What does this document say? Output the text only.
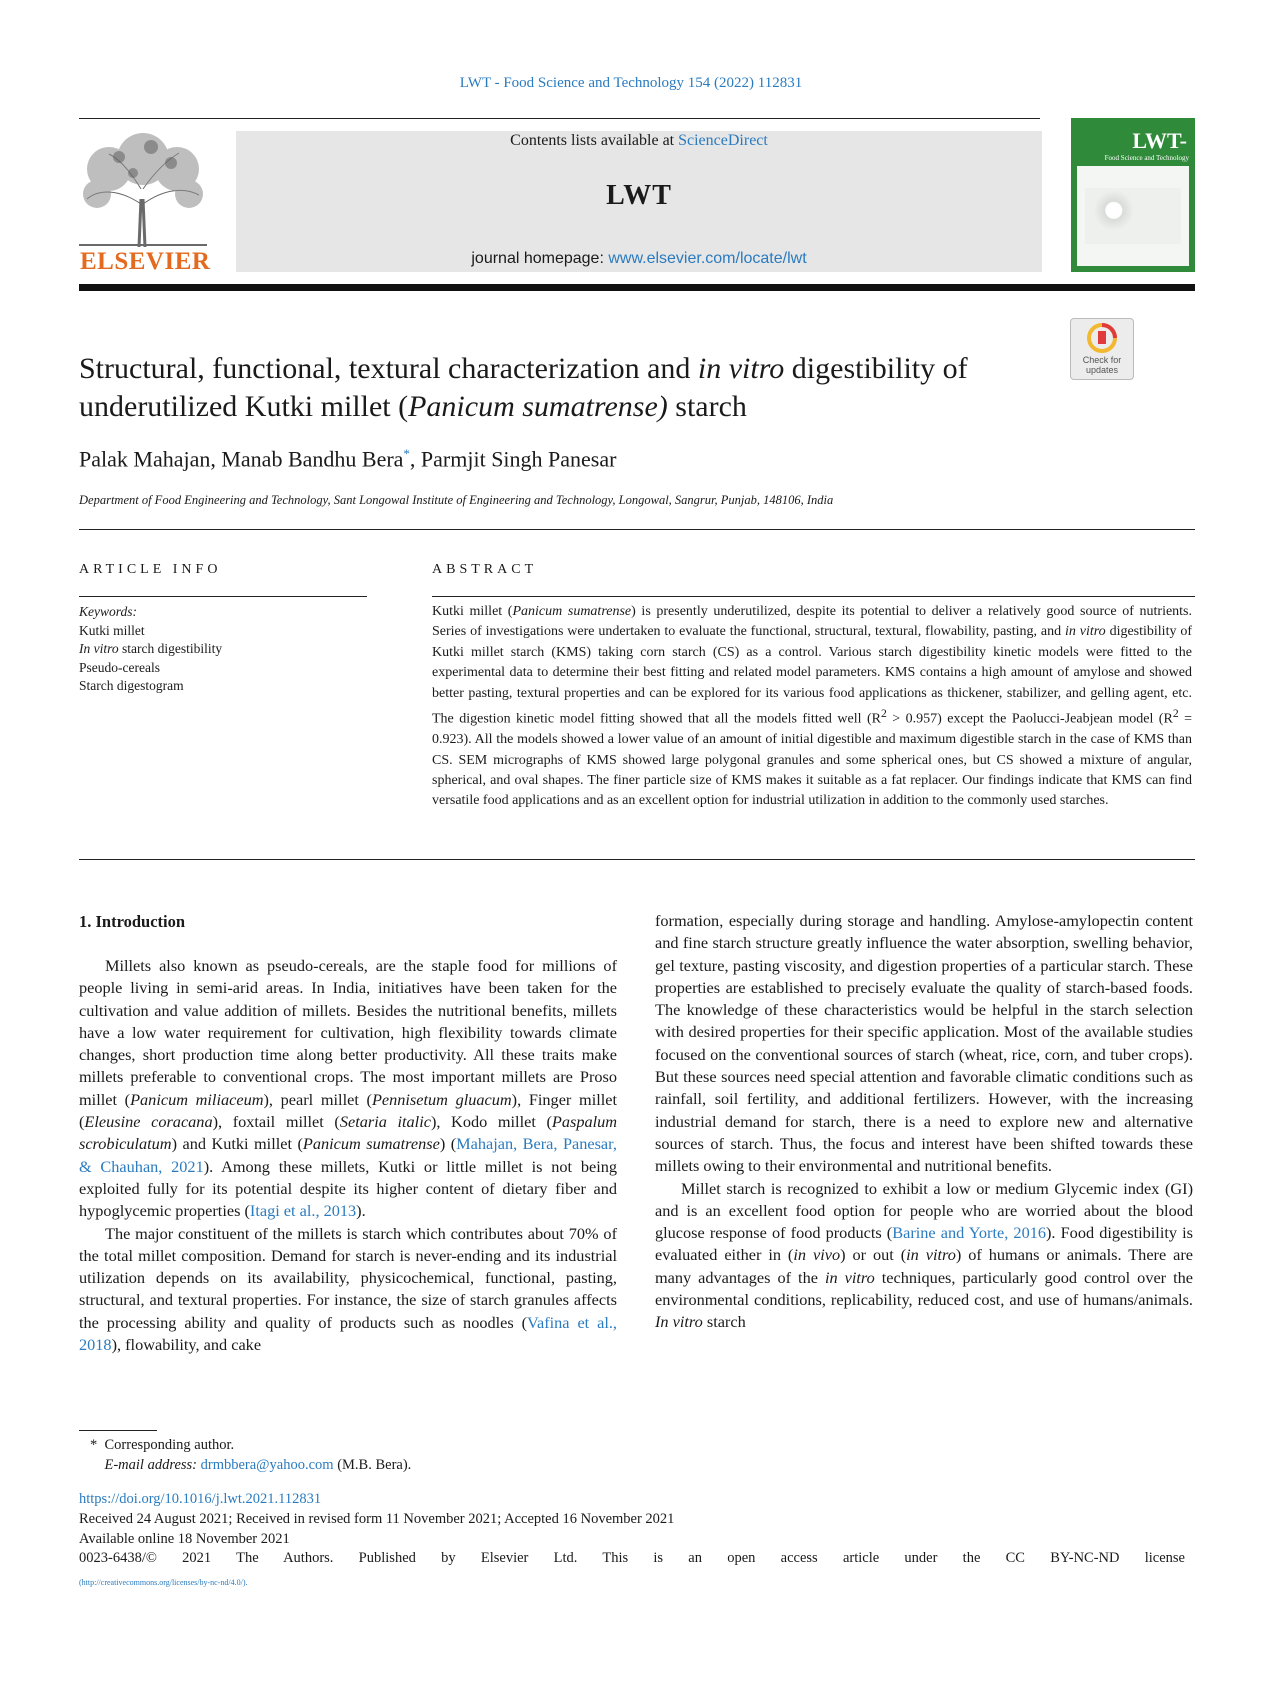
LWT - Food Science and Technology 154 (2022) 112831
ELSEVIER
Contents lists available at ScienceDirect
LWT
journal homepage: www.elsevier.com/locate/lwt
LWT-
Food Science and Technology
Check for updates
Structural, functional, textural characterization and in vitro digestibility of
underutilized Kutki millet (Panicum sumatrense) starch
Palak Mahajan, Manab Bandhu Bera*, Parmjit Singh Panesar
Department of Food Engineering and Technology, Sant Longowal Institute of Engineering and Technology, Longowal, Sangrur, Punjab, 148106, India
ARTICLE INFO
Keywords:
Kutki millet
In vitro starch digestibility
Pseudo-cereals
Starch digestogram
ABSTRACT
Kutki millet (Panicum sumatrense) is presently underutilized, despite its potential to deliver a relatively good source of nutrients. Series of investigations were undertaken to evaluate the functional, structural, textural, flowability, pasting, and in vitro digestibility of Kutki millet starch (KMS) taking corn starch (CS) as a control. Various starch digestibility kinetic models were fitted to the experimental data to determine their best fitting and related model parameters. KMS contains a high amount of amylose and showed better pasting, textural properties and can be explored for its various food applications as thickener, stabilizer, and gelling agent, etc. The digestion kinetic model fitting showed that all the models fitted well $(R^2 > 0.957)$ except the Paolucci-Jeabjean model $(R^2 = 0.923)$. All the models showed a lower value of an amount of initial digestible and maximum digestible starch in the case of KMS than CS. SEM micrographs of KMS showed large polygonal granules and some spherical ones, but CS showed a mixture of angular, spherical, and oval shapes. The finer particle size of KMS makes it suitable as a fat replacer. Our findings indicate that KMS can find versatile food applications and as an excellent option for industrial utilization in addition to the commonly used starches.
1. Introduction

Millets also known as pseudo-cereals, are the staple food for millions of people living in semi-arid areas. In India, initiatives have been taken for the cultivation and value addition of millets. Besides the nutritional benefits, millets have a low water requirement for cultivation, high flexibility towards climate changes, short production time along better productivity. All these traits make millets preferable to conventional crops. The most important millets are Proso millet (Panicum miliaceum), pearl millet (Pennisetum gluacum), Finger millet (Eleusine coracana), foxtail millet (Setaria italic), Kodo millet (Paspalum scrobiculatum) and Kutki millet (Panicum sumatrense) (Mahajan, Bera, Panesar, & Chauhan, 2021). Among these millets, Kutki or little millet is not being exploited fully for its potential despite its higher content of dietary fiber and hypoglycemic properties (Itagi et al., 2013).

The major constituent of the millets is starch which contributes about 70% of the total millet composition. Demand for starch is never-ending and its industrial utilization depends on its availability, physicochemical, functional, pasting, structural, and textural properties. For instance, the size of starch granules affects the processing ability and quality of products such as noodles (Vafina et al., 2018), flowability, and cake

formation, especially during storage and handling. Amylose-amylopectin content and fine starch structure greatly influence the water absorption, swelling behavior, gel texture, pasting viscosity, and digestion properties of a particular starch. These properties are established to precisely evaluate the quality of starch-based foods. The knowledge of these characteristics would be helpful in the starch selection with desired properties for their specific application. Most of the available studies focused on the conventional sources of starch (wheat, rice, corn, and tuber crops). But these sources need special attention and favorable climatic conditions such as rainfall, soil fertility, and additional fertilizers. However, with the increasing industrial demand for starch, there is a need to explore new and alternative sources of starch. Thus, the focus and interest have been shifted towards these millets owing to their environmental and nutritional benefits.

Millet starch is recognized to exhibit a low or medium Glycemic index (GI) and is an excellent food option for people who are worried about the blood glucose response of food products (Barine and Yorte, 2016). Food digestibility is evaluated either in (in vivo) or out (in vitro) of humans or animals. There are many advantages of the in vitro techniques, particularly good control over the environmental conditions, replicability, reduced cost, and use of humans/animals. In vitro starch

* Corresponding author.
E-mail address: drmbbera@yahoo.com (M.B. Bera).
https://doi.org/10.1016/j.lwt.2021.112831
Received 24 August 2021; Received in revised form 11 November 2021; Accepted 16 November 2021
Available online 18 November 2021
0023-6438/© 2021 The Authors. Published by Elsevier Ltd. This is an open access article under the CC BY-NC-ND license
(http://creativecommons.org/licenses/by-nc-nd/4.0/).
